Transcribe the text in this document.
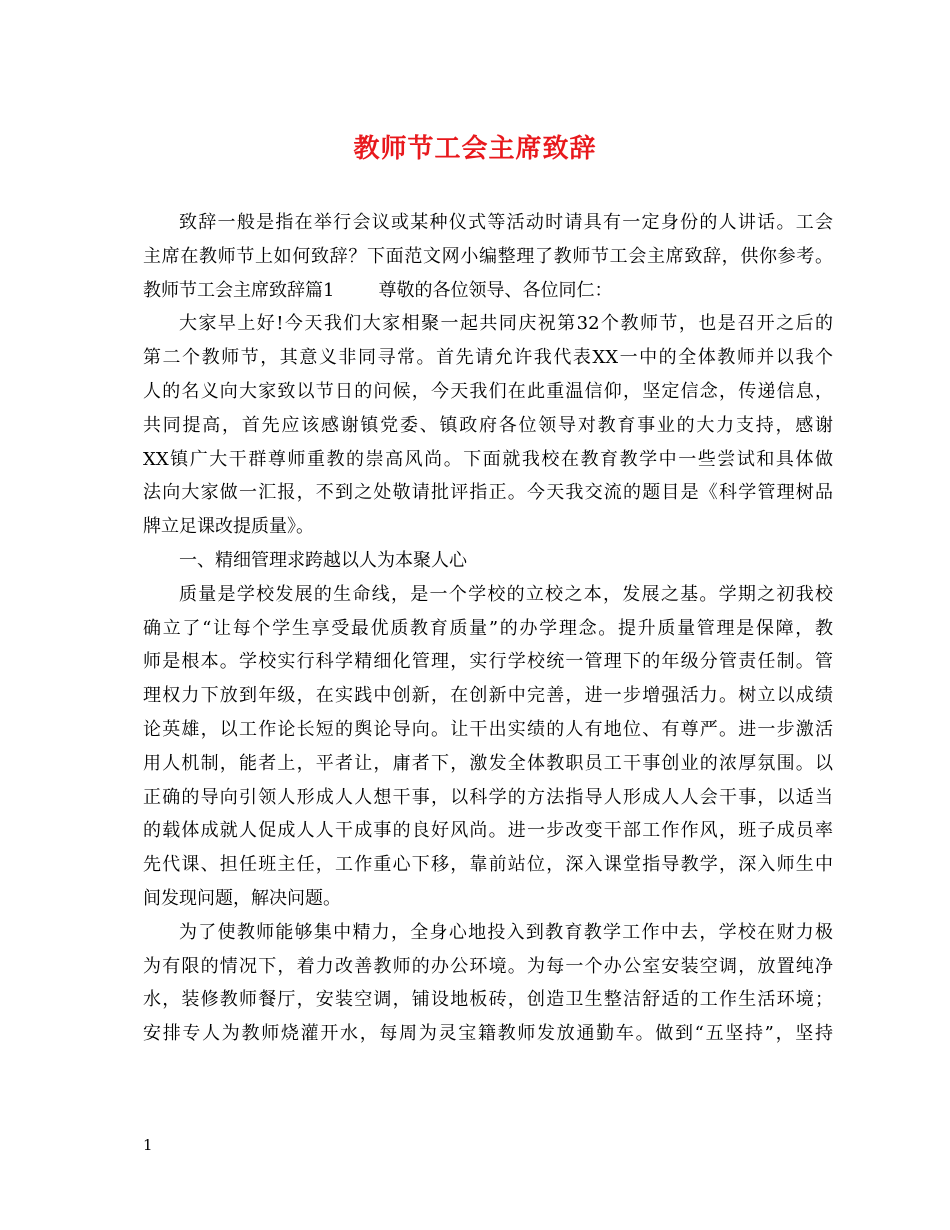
教师节工会主席致辞

致辞一般是指在举行会议或某种仪式等活动时请具有一定身份的人讲话。工会

主席在教师节上如何致辞？下面范文网小编整理了教师节工会主席致辞，供你参考。

教师节工会主席致辞篇1 尊敬的各位领导、各位同仁：

大家早上好!今天我们大家相聚一起共同庆祝第32个教师节，也是召开之后的

第二个教师节，其意义非同寻常。首先请允许我代表XX一中的全体教师并以我个

人的名义向大家致以节日的问候，今天我们在此重温信仰，坚定信念，传递信息，

共同提高，首先应该感谢镇党委、镇政府各位领导对教育事业的大力支持，感谢

XX镇广大干群尊师重教的崇高风尚。下面就我校在教育教学中一些尝试和具体做

法向大家做一汇报，不到之处敬请批评指正。今天我交流的题目是《科学管理树品

牌立足课改提质量》。

一、精细管理求跨越以人为本聚人心

质量是学校发展的生命线，是一个学校的立校之本，发展之基。学期之初我校

确立了“让每个学生享受最优质教育质量”的办学理念。提升质量管理是保障，教

师是根本。学校实行科学精细化管理，实行学校统一管理下的年级分管责任制。管

理权力下放到年级，在实践中创新，在创新中完善，进一步增强活力。树立以成绩

论英雄，以工作论长短的舆论导向。让干出实绩的人有地位、有尊严。进一步激活

用人机制，能者上，平者让，庸者下，激发全体教职员工干事创业的浓厚氛围。以

正确的导向引领人形成人人想干事，以科学的方法指导人形成人人会干事，以适当

的载体成就人促成人人干成事的良好风尚。进一步改变干部工作作风，班子成员率

先代课、担任班主任，工作重心下移，靠前站位，深入课堂指导教学，深入师生中

间发现问题，解决问题。

为了使教师能够集中精力，全身心地投入到教育教学工作中去，学校在财力极

为有限的情况下，着力改善教师的办公环境。为每一个办公室安装空调，放置纯净

水，装修教师餐厅，安装空调，铺设地板砖，创造卫生整洁舒适的工作生活环境；

安排专人为教师烧灌开水，每周为灵宝籍教师发放通勤车。做到“五坚持”，坚持

1
